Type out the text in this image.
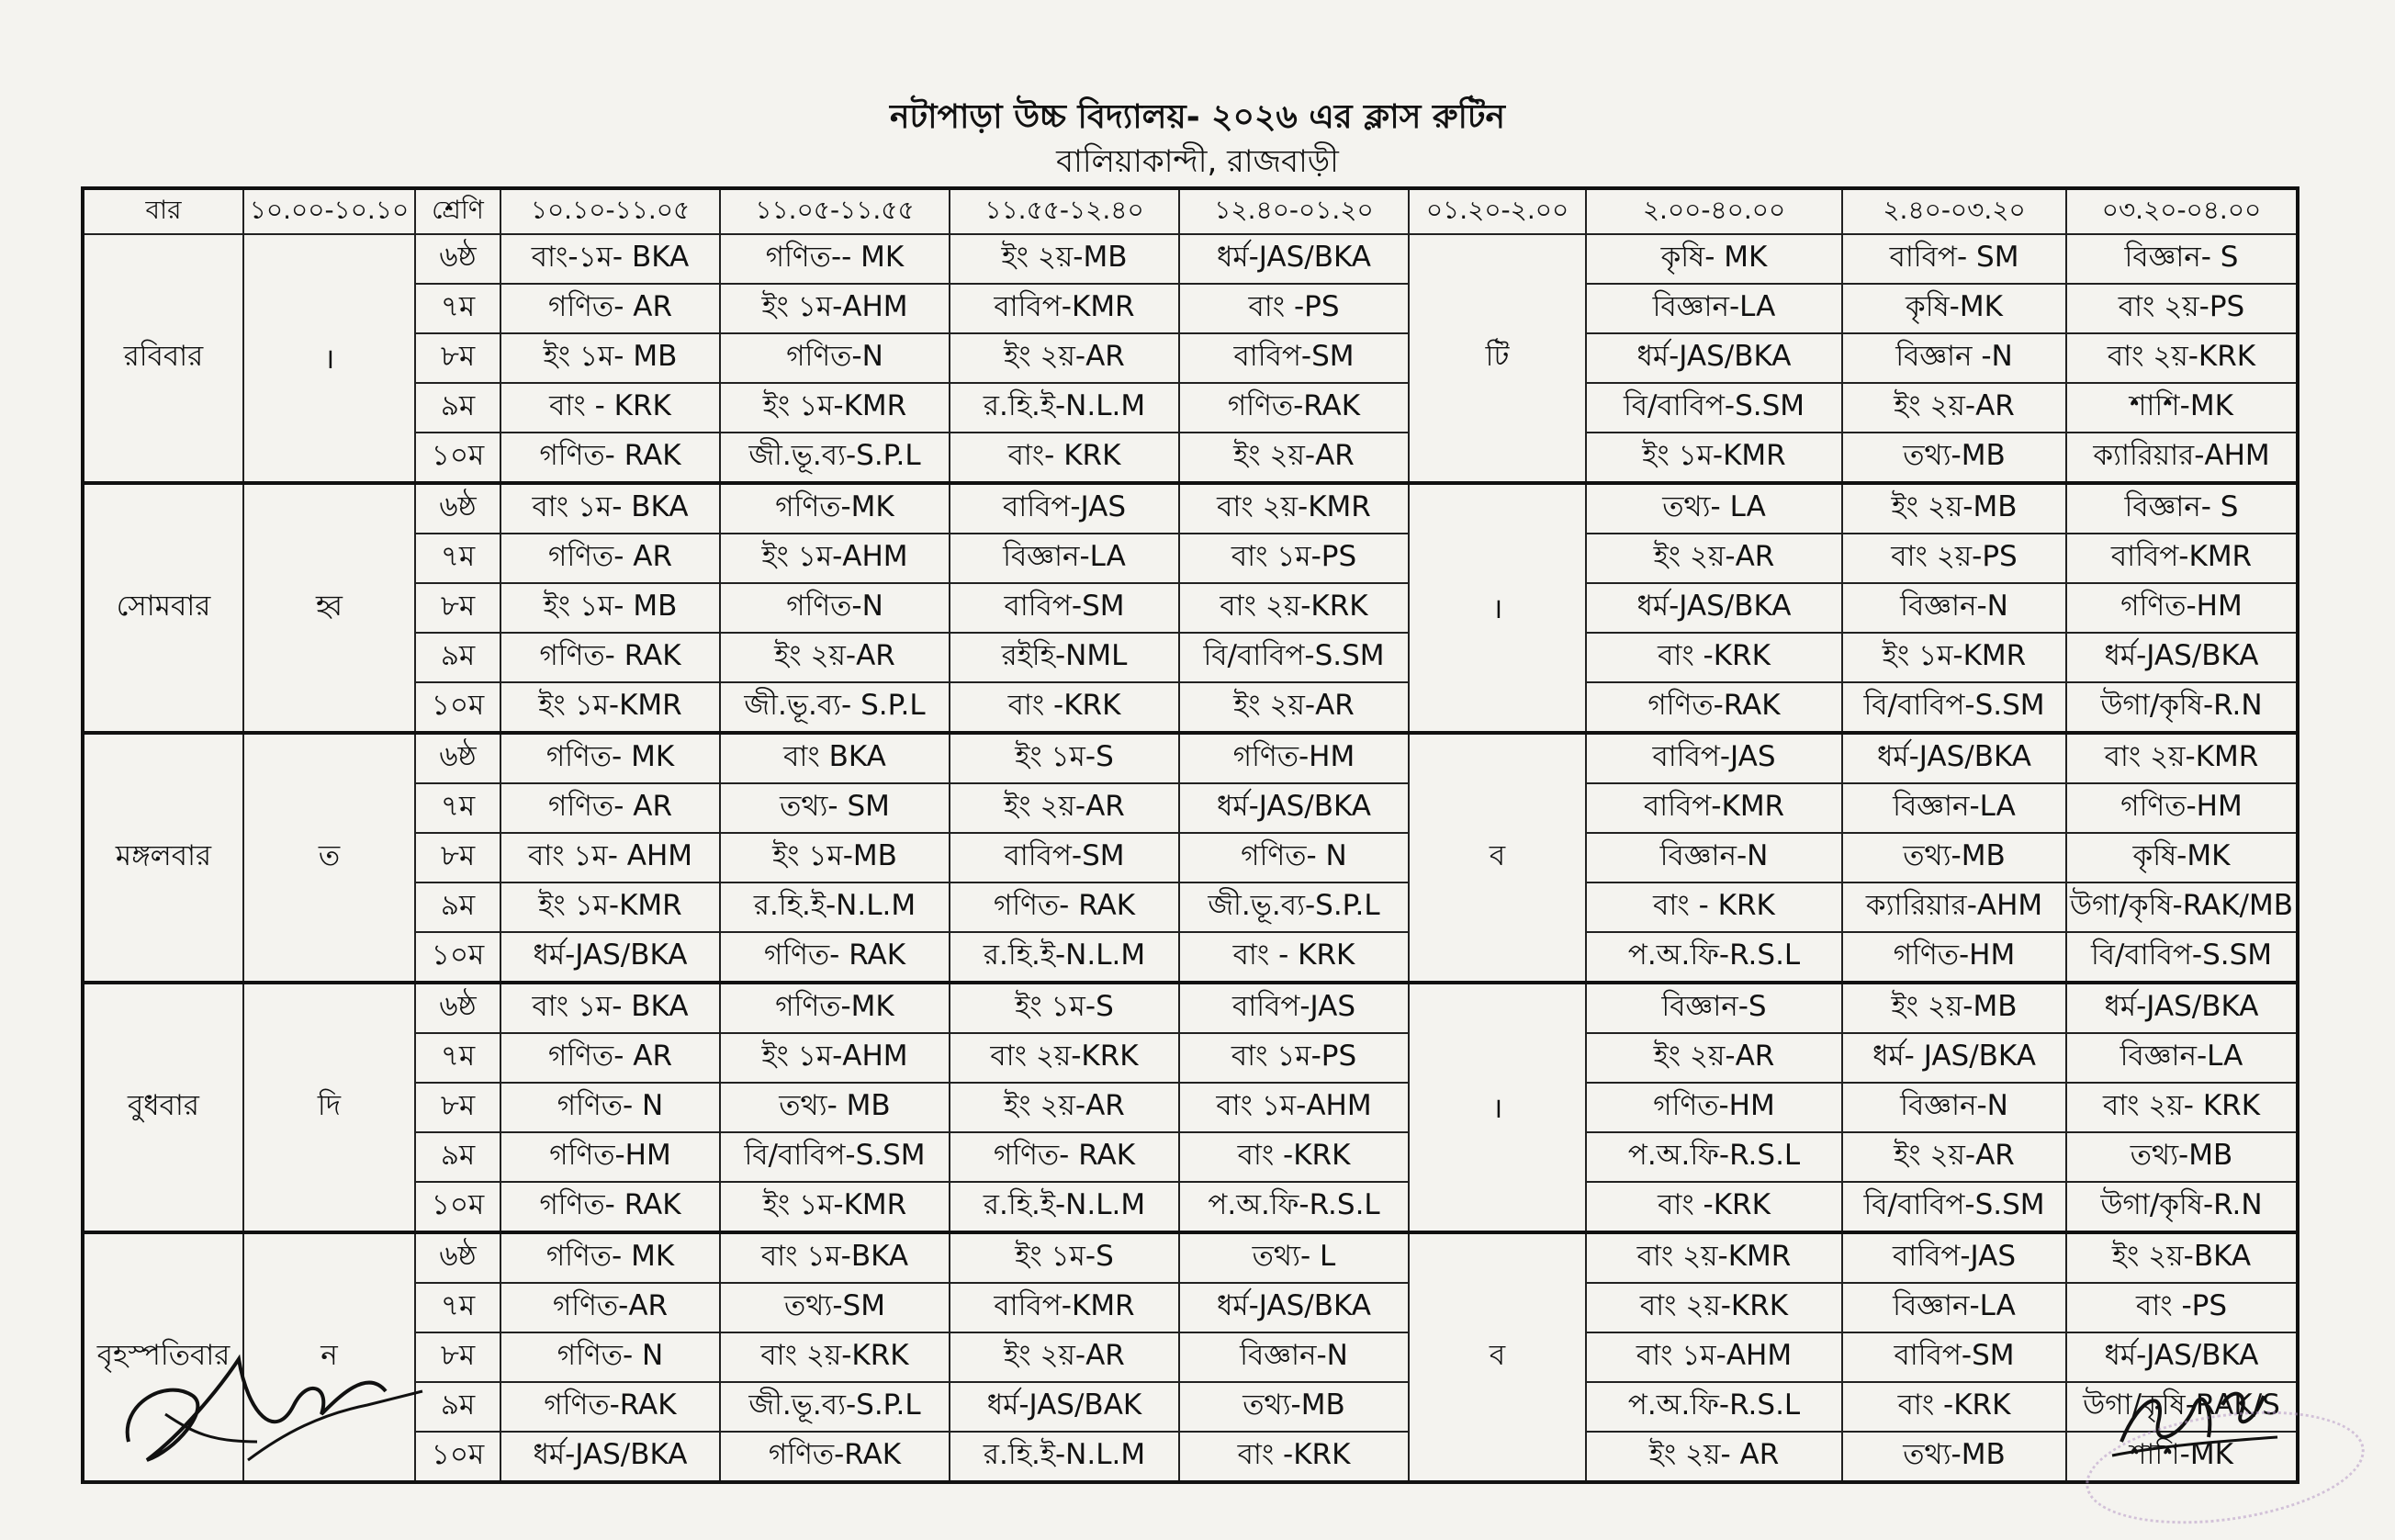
নটাপাড়া উচ্চ বিদ্যালয়- ২০২৬ এর ক্লাস রুটিন
বালিয়াকান্দী, রাজবাড়ী
বার	১০.০০-১০.১০	শ্রেণি	১০.১০-১১.০৫	১১.০৫-১১.৫৫	১১.৫৫-১২.৪০	১২.৪০-০১.২০	০১.২০-২.০০	২.০০-৪০.০০	২.৪০-০৩.২০	০৩.২০-০৪.০০
রবিবার	।	৬ষ্ঠ	বাং-১ম- BKA	গণিত-- MK	ইং ২য়-MB	ধর্ম-JAS/BKA	টি	কৃষি- MK	বাবিপ- SM	বিজ্ঞান- S
		৭ম	গণিত- AR	ইং ১ম-AHM	বাবিপ-KMR	বাং -PS		বিজ্ঞান-LA	কৃষি-MK	বাং ২য়-PS
		৮ম	ইং ১ম- MB	গণিত-N	ইং ২য়-AR	বাবিপ-SM		ধর্ম-JAS/BKA	বিজ্ঞান -N	বাং ২য়-KRK
		৯ম	বাং - KRK	ইং ১ম-KMR	র.হি.ই-N.L.M	গণিত-RAK		বি/বাবিপ-S.SM	ইং ২য়-AR	শাশি-MK
		১০ম	গণিত- RAK	জী.ভূ.ব্য-S.P.L	বাং- KRK	ইং ২য়-AR		ইং ১ম-KMR	তথ্য-MB	ক্যারিয়ার-AHM
সোমবার	হ্ব	৬ষ্ঠ	বাং ১ম- BKA	গণিত-MK	বাবিপ-JAS	বাং ২য়-KMR	।	তথ্য- LA	ইং ২য়-MB	বিজ্ঞান- S
		৭ম	গণিত- AR	ইং ১ম-AHM	বিজ্ঞান-LA	বাং ১ম-PS		ইং ২য়-AR	বাং ২য়-PS	বাবিপ-KMR
		৮ম	ইং ১ম- MB	গণিত-N	বাবিপ-SM	বাং ২য়-KRK		ধর্ম-JAS/BKA	বিজ্ঞান-N	গণিত-HM
		৯ম	গণিত- RAK	ইং ২য়-AR	রইহি-NML	বি/বাবিপ-S.SM		বাং -KRK	ইং ১ম-KMR	ধর্ম-JAS/BKA
		১০ম	ইং ১ম-KMR	জী.ভূ.ব্য- S.P.L	বাং -KRK	ইং ২য়-AR		গণিত-RAK	বি/বাবিপ-S.SM	উগা/কৃষি-R.N
মঙ্গলবার	ত	৬ষ্ঠ	গণিত- MK	বাং BKA	ইং ১ম-S	গণিত-HM	ব	বাবিপ-JAS	ধর্ম-JAS/BKA	বাং ২য়-KMR
		৭ম	গণিত- AR	তথ্য- SM	ইং ২য়-AR	ধর্ম-JAS/BKA		বাবিপ-KMR	বিজ্ঞান-LA	গণিত-HM
		৮ম	বাং ১ম- AHM	ইং ১ম-MB	বাবিপ-SM	গণিত- N		বিজ্ঞান-N	তথ্য-MB	কৃষি-MK
		৯ম	ইং ১ম-KMR	র.হি.ই-N.L.M	গণিত- RAK	জী.ভূ.ব্য-S.P.L		বাং - KRK	ক্যারিয়ার-AHM	উগা/কৃষি-RAK/MB
		১০ম	ধর্ম-JAS/BKA	গণিত- RAK	র.হি.ই-N.L.M	বাং - KRK		প.অ.ফি-R.S.L	গণিত-HM	বি/বাবিপ-S.SM
বুধবার	দি	৬ষ্ঠ	বাং ১ম- BKA	গণিত-MK	ইং ১ম-S	বাবিপ-JAS	।	বিজ্ঞান-S	ইং ২য়-MB	ধর্ম-JAS/BKA
		৭ম	গণিত- AR	ইং ১ম-AHM	বাং ২য়-KRK	বাং ১ম-PS		ইং ২য়-AR	ধর্ম- JAS/BKA	বিজ্ঞান-LA
		৮ম	গণিত- N	তথ্য- MB	ইং ২য়-AR	বাং ১ম-AHM		গণিত-HM	বিজ্ঞান-N	বাং ২য়- KRK
		৯ম	গণিত-HM	বি/বাবিপ-S.SM	গণিত- RAK	বাং -KRK		প.অ.ফি-R.S.L	ইং ২য়-AR	তথ্য-MB
		১০ম	গণিত- RAK	ইং ১ম-KMR	র.হি.ই-N.L.M	প.অ.ফি-R.S.L		বাং -KRK	বি/বাবিপ-S.SM	উগা/কৃষি-R.N
বৃহস্পতিবার	ন	৬ষ্ঠ	গণিত- MK	বাং ১ম-BKA	ইং ১ম-S	তথ্য- L	ব	বাং ২য়-KMR	বাবিপ-JAS	ইং ২য়-BKA
		৭ম	গণিত-AR	তথ্য-SM	বাবিপ-KMR	ধর্ম-JAS/BKA		বাং ২য়-KRK	বিজ্ঞান-LA	বাং -PS
		৮ম	গণিত- N	বাং ২য়-KRK	ইং ২য়-AR	বিজ্ঞান-N		বাং ১ম-AHM	বাবিপ-SM	ধর্ম-JAS/BKA
		৯ম	গণিত-RAK	জী.ভূ.ব্য-S.P.L	ধর্ম-JAS/BAK	তথ্য-MB		প.অ.ফি-R.S.L	বাং -KRK	উগা/কৃষি-RAK/S
		১০ম	ধর্ম-JAS/BKA	গণিত-RAK	র.হি.ই-N.L.M	বাং -KRK		ইং ২য়- AR	তথ্য-MB	শাশি-MK
